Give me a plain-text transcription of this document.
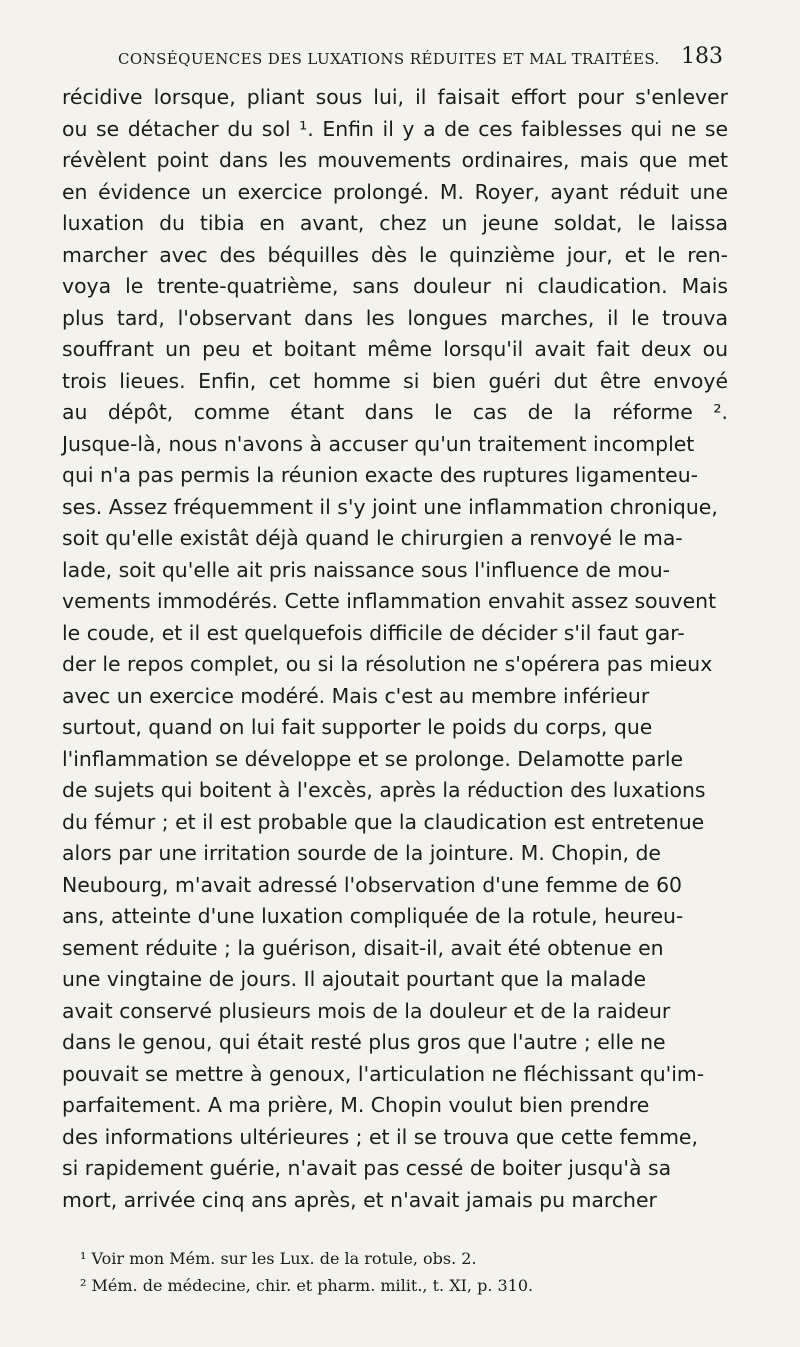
CONSÉQUENCES DES LUXATIONS RÉDUITES ET MAL TRAITÉES. 183

récidive lorsque, pliant sous lui, il faisait effort pour s'enlever
ou se détacher du sol ¹. Enfin il y a de ces faiblesses qui ne se
révèlent point dans les mouvements ordinaires, mais que met
en évidence un exercice prolongé. M. Royer, ayant réduit une
luxation du tibia en avant, chez un jeune soldat, le laissa
marcher avec des béquilles dès le quinzième jour, et le ren-
voya le trente-quatrième, sans douleur ni claudication. Mais
plus tard, l'observant dans les longues marches, il le trouva
souffrant un peu et boitant même lorsqu'il avait fait deux ou
trois lieues. Enfin, cet homme si bien guéri dut être envoyé
au dépôt, comme étant dans le cas de la réforme ².

Jusque-là, nous n'avons à accuser qu'un traitement incomplet
qui n'a pas permis la réunion exacte des ruptures ligamenteu-
ses. Assez fréquemment il s'y joint une inflammation chronique,
soit qu'elle existât déjà quand le chirurgien a renvoyé le ma-
lade, soit qu'elle ait pris naissance sous l'influence de mou-
vements immodérés. Cette inflammation envahit assez souvent
le coude, et il est quelquefois difficile de décider s'il faut gar-
der le repos complet, ou si la résolution ne s'opérera pas mieux
avec un exercice modéré. Mais c'est au membre inférieur
surtout, quand on lui fait supporter le poids du corps, que
l'inflammation se développe et se prolonge. Delamotte parle
de sujets qui boitent à l'excès, après la réduction des luxations
du fémur ; et il est probable que la claudication est entretenue
alors par une irritation sourde de la jointure. M. Chopin, de
Neubourg, m'avait adressé l'observation d'une femme de 60
ans, atteinte d'une luxation compliquée de la rotule, heureu-
sement réduite ; la guérison, disait-il, avait été obtenue en
une vingtaine de jours. Il ajoutait pourtant que la malade
avait conservé plusieurs mois de la douleur et de la raideur
dans le genou, qui était resté plus gros que l'autre ; elle ne
pouvait se mettre à genoux, l'articulation ne fléchissant qu'im-
parfaitement. A ma prière, M. Chopin voulut bien prendre
des informations ultérieures ; et il se trouva que cette femme,
si rapidement guérie, n'avait pas cessé de boiter jusqu'à sa
mort, arrivée cinq ans après, et n'avait jamais pu marcher

¹ Voir mon Mém. sur les Lux. de la rotule, obs. 2.

² Mém. de médecine, chir. et pharm. milit., t. XI, p. 310.
